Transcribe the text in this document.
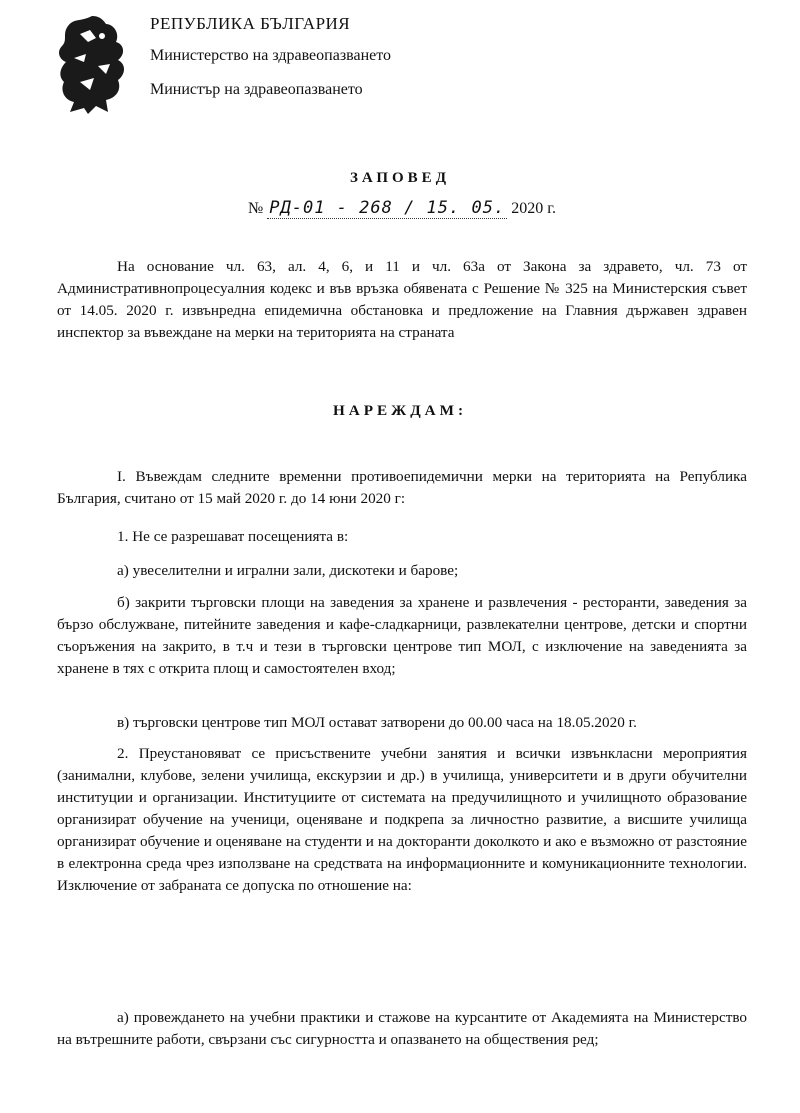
РЕПУБЛИКА БЪЛГАРИЯ
Министерство на здравеопазването
Министър на здравеопазването
ЗАПОВЕД
№ РД-01 - 268 / 15. 05. 2020 г.

На основание чл. 63, ал. 4, 6, и 11 и чл. 63а от Закона за здравето, чл. 73 от Административнопроцесуалния кодекс и във връзка обявената с Решение № 325 на Министерския съвет от 14.05. 2020 г. извънредна епидемична обстановка и предложение на Главния държавен здравен инспектор за въвеждане на мерки на територията на страната

НАРЕЖДАМ:

I. Въвеждам следните временни противоепидемични мерки на територията на Република България, считано от 15 май 2020 г. до 14 юни 2020 г:

1. Не се разрешават посещенията в:

а) увеселителни и игрални зали, дискотеки и барове;

б) закрити търговски площи на заведения за хранене и развлечения - ресторанти, заведения за бързо обслужване, питейните заведения и кафе-сладкарници, развлекателни центрове, детски и спортни съоръжения на закрито, в т.ч и тези в търговски центрове тип МОЛ, с изключение на заведенията за хранене в тях с открита площ и самостоятелен вход;

в) търговски центрове тип МОЛ остават затворени до 00.00 часа на 18.05.2020 г.

2. Преустановяват се присъствените учебни занятия и всички извънкласни мероприятия (занимални, клубове, зелени училища, екскурзии и др.) в училища, университети и в други обучителни институции и организации. Институциите от системата на предучилищното и училищното образование организират обучение на ученици, оценяване и подкрепа за личностно развитие, а висшите училища организират обучение и оценяване на студенти и на докторанти доколкото и ако е възможно от разстояние в електронна среда чрез използване на средствата на информационните и комуникационните технологии. Изключение от забраната се допуска по отношение на:

а) провеждането на учебни практики и стажове на курсантите от Академията на Министерство на вътрешните работи, свързани със сигурността и опазването на обществения ред;
